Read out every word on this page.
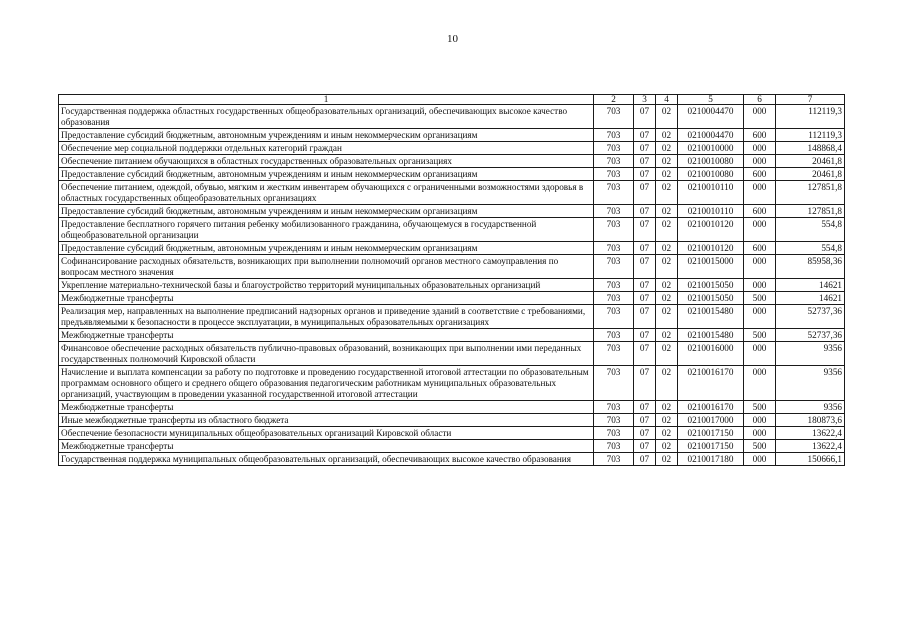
10
1	2	3	4	5	6	7
Государственная поддержка областных государственных общеобразовательных организаций, обеспечивающих высокое качество образования	703	07	02	0210004470	000	112119,3
Предоставление субсидий бюджетным, автономным учреждениям и иным некоммерческим организациям	703	07	02	0210004470	600	112119,3
Обеспечение мер социальной поддержки отдельных категорий граждан	703	07	02	0210010000	000	148868,4
Обеспечение питанием обучающихся в областных государственных образовательных организациях	703	07	02	0210010080	000	20461,8
Предоставление субсидий бюджетным, автономным учреждениям и иным некоммерческим организациям	703	07	02	0210010080	600	20461,8
Обеспечение питанием, одеждой, обувью, мягким и жестким инвентарем обучающихся с ограниченными возможностями здоровья в областных государственных общеобразовательных организациях	703	07	02	0210010110	000	127851,8
Предоставление субсидий бюджетным, автономным учреждениям и иным некоммерческим организациям	703	07	02	0210010110	600	127851,8
Предоставление бесплатного горячего питания ребенку мобилизованного гражданина, обучающемуся в государственной общеобразовательной организации	703	07	02	0210010120	000	554,8
Предоставление субсидий бюджетным, автономным учреждениям и иным некоммерческим организациям	703	07	02	0210010120	600	554,8
Софинансирование расходных обязательств, возникающих при выполнении полномочий органов местного самоуправления по вопросам местного значения	703	07	02	0210015000	000	85958,36
Укрепление материально-технической базы и благоустройство территорий муниципальных образовательных организаций	703	07	02	0210015050	000	14621
Межбюджетные трансферты	703	07	02	0210015050	500	14621
Реализация мер, направленных на выполнение предписаний надзорных органов и приведение зданий в соответствие с требованиями, предъявляемыми к безопасности в процессе эксплуатации, в муниципальных образовательных организациях	703	07	02	0210015480	000	52737,36
Межбюджетные трансферты	703	07	02	0210015480	500	52737,36
Финансовое обеспечение расходных обязательств публично-правовых образований, возникающих при выполнении ими переданных государственных полномочий Кировской области	703	07	02	0210016000	000	9356
Начисление и выплата компенсации за работу по подготовке и проведению государственной итоговой аттестации по образовательным программам основного общего и среднего общего образования педагогическим работникам муниципальных образовательных организаций, участвующим в проведении указанной государственной итоговой аттестации	703	07	02	0210016170	000	9356
Межбюджетные трансферты	703	07	02	0210016170	500	9356
Иные межбюджетные трансферты из областного бюджета	703	07	02	0210017000	000	180873,6
Обеспечение безопасности муниципальных общеобразовательных организаций Кировской области	703	07	02	0210017150	000	13622,4
Межбюджетные трансферты	703	07	02	0210017150	500	13622,4
Государственная поддержка муниципальных общеобразовательных организаций, обеспечивающих высокое качество образования	703	07	02	0210017180	000	150666,1
